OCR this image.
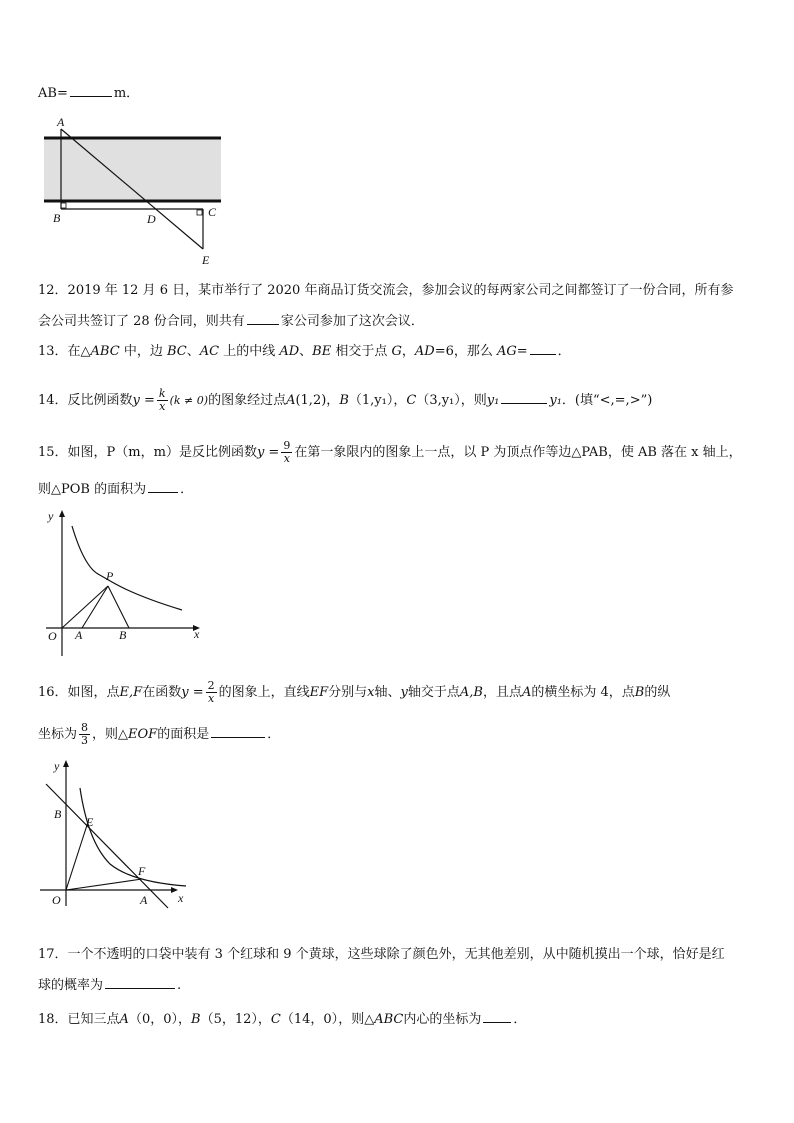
AB=	m．
A
B	D	C
E
12．2019 年 12 月 6 日，某市举行了 2020 年商品订货交流会，参加会议的每两家公司之间都签订了一份合同，所有参
会公司共签订了 28 份合同，则共有	家公司参加了这次会议．
13．在△ABC 中，边 BC、AC 上的中线 AD、BE 相交于点 G，AD=6，那么 AG= ．
14．反比例函数$y = \frac{k}{x} (k \ne 0)$的图象经过点A(1,2)，B（1,y₁），C（3,y₁），则y₁	y₁．(填“<,=,>”)
15．如图，P（m，m）是反比例函数$y = \frac{9}{x}$ 在第一象限内的图象上一点，以 P 为顶点作等边△PAB，使 AB 落在 x 轴上，
则△POB 的面积为	．
y
P
O A	B	x
16．如图，点E,F在函数$y = \frac{2}{x}$ 的图象上，直线EF分别与x轴、y轴交于点A,B，且点A的横坐标为 4，点B的纵
坐标为 $\frac{8}{3}$ ，则△EOF的面积是	．
y
B
E
F
O	A	x
17．一个不透明的口袋中装有 3 个红球和 9 个黄球，这些球除了颜色外，无其他差别，从中随机摸出一个球，恰好是红
球的概率为	.
18．已知三点A（0，0），B（5，12），C（14，0），则△ABC内心的坐标为 ．
